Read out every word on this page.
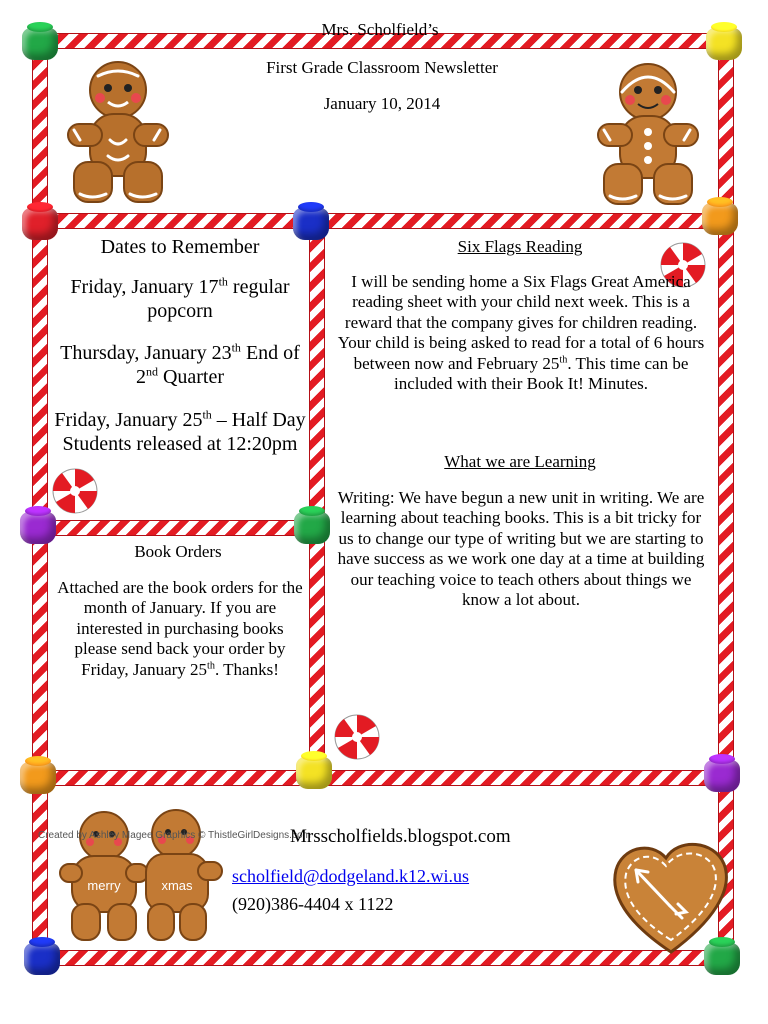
Mrs. Scholfield’s
First Grade Classroom Newsletter
January 10, 2014
Dates to Remember
Friday, January 17th regular popcorn
Thursday, January 23th End of 2nd Quarter
Friday, January 25th – Half Day Students released at 12:20pm
Book Orders
Attached are the book orders for the month of January. If you are interested in purchasing books please send back your order by Friday, January 25th. Thanks!
Six Flags Reading
I will be sending home a Six Flags Great America reading sheet with your child next week. This is a reward that the company gives for children reading. Your child is being asked to read for a total of 6 hours between now and February 25th. This time can be included with their Book It! Minutes.
What we are Learning
Writing: We have begun a new unit in writing. We are learning about teaching books. This is a bit tricky for us to change our type of writing but we are starting to have success as we work one day at a time at building our teaching voice to teach others about things we know a lot about.
merry	xmas
Created by Ashley Magee Graphics © ThistleGirlDesigns.com
Mrsscholfields.blogspot.com
scholfield@dodgeland.k12.wi.us
(920)386-4404 x 1122
